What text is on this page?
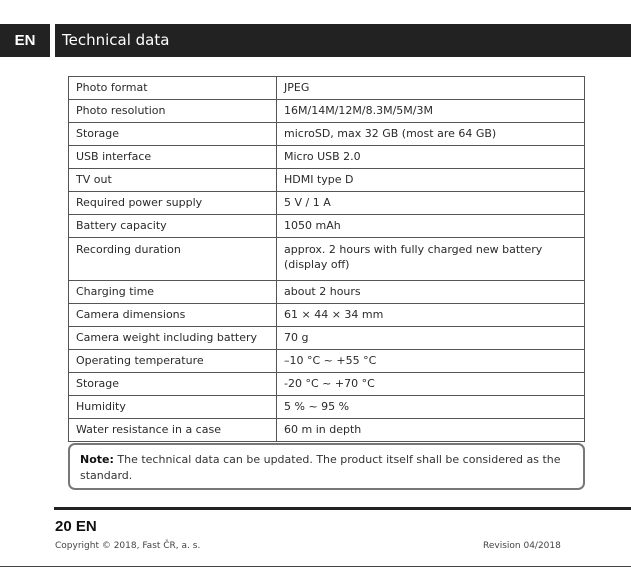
EN	Technical data
Photo format	JPEG
Photo resolution	16M/14M/12M/8.3M/5M/3M
Storage	microSD, max 32 GB (most are 64 GB)
USB interface	Micro USB 2.0
TV out	HDMI type D
Required power supply	5 V / 1 A
Battery capacity	1050 mAh
Recording duration	approx. 2 hours with fully charged new battery (display off)
Charging time	about 2 hours
Camera dimensions	61 × 44 × 34 mm
Camera weight including battery	70 g
Operating temperature	–10 °C ~ +55 °C
Storage	-20 °C ~ +70 °C
Humidity	5 % ~ 95 %
Water resistance in a case	60 m in depth
Note: The technical data can be updated. The product itself shall be considered as the standard.
20 EN
Copyright © 2018, Fast ČR, a. s.	Revision 04/2018
